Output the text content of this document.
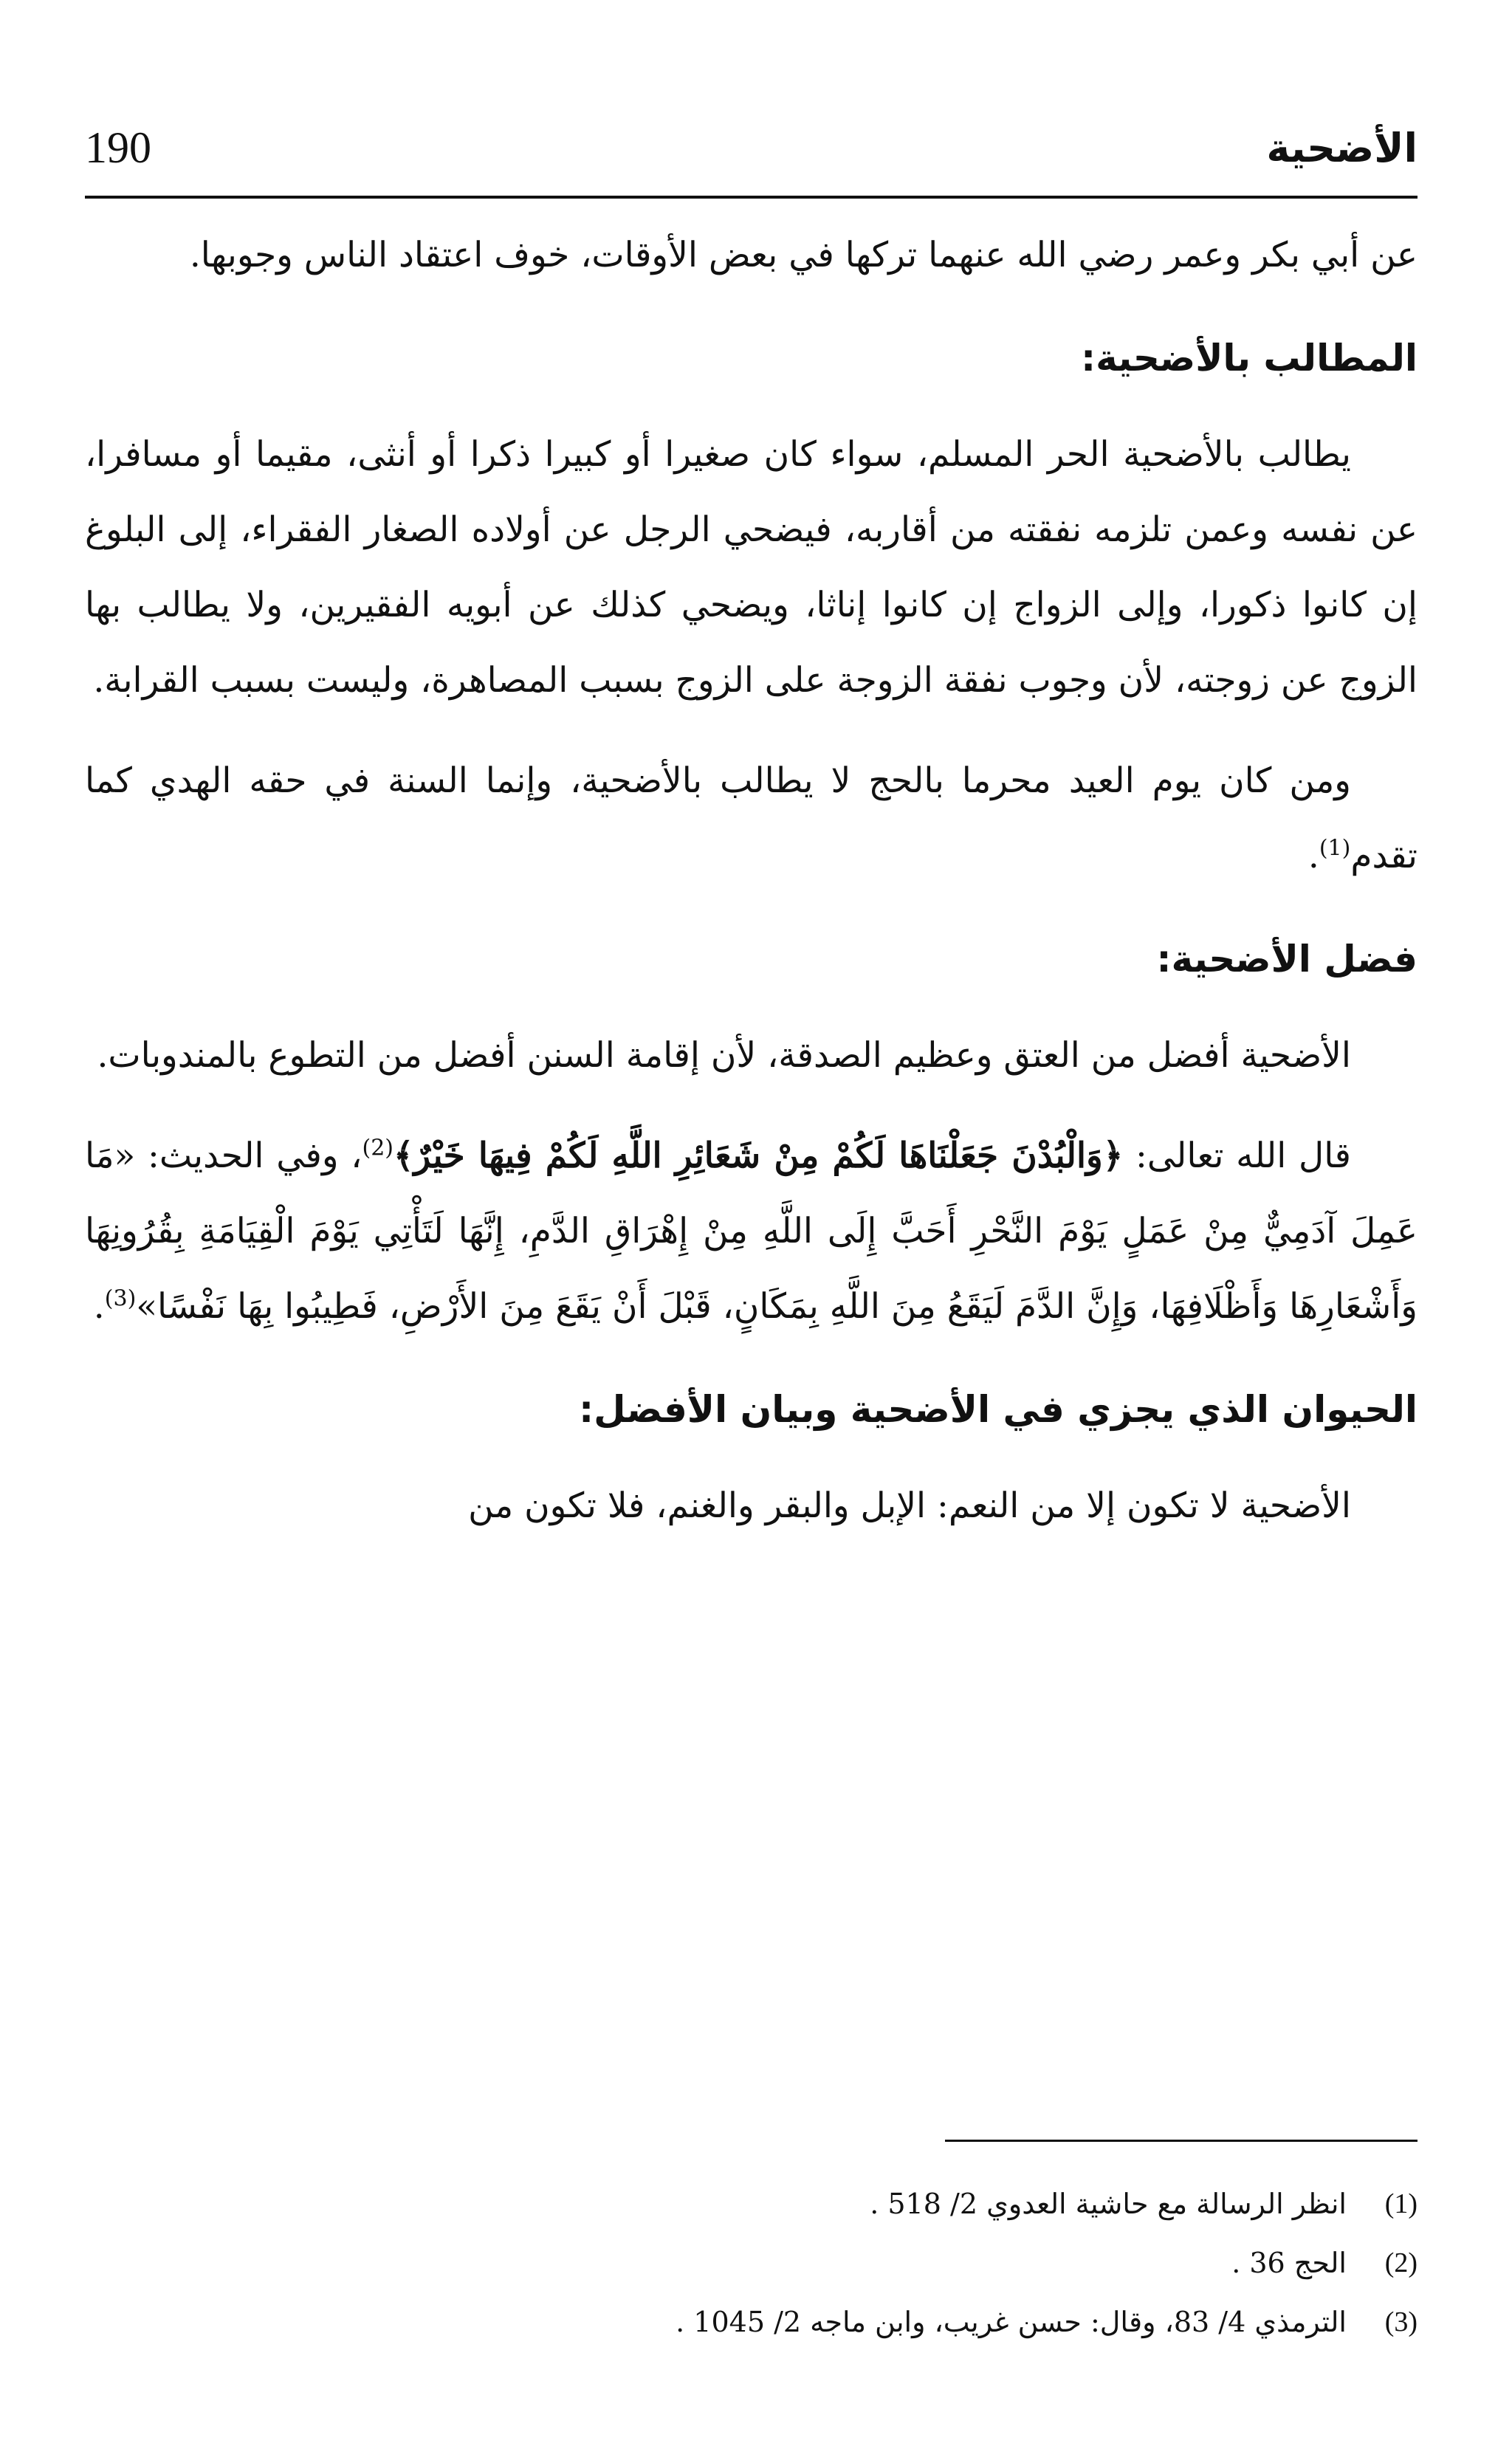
الأضحية
190

عن أبي بكر وعمر رضي الله عنهما تركها في بعض الأوقات، خوف اعتقاد الناس وجوبها.

المطالب بالأضحية:

يطالب بالأضحية الحر المسلم، سواء كان صغيرا أو كبيرا ذكرا أو أنثى، مقيما أو مسافرا، عن نفسه وعمن تلزمه نفقته من أقاربه، فيضحي الرجل عن أولاده الصغار الفقراء، إلى البلوغ إن كانوا ذكورا، وإلى الزواج إن كانوا إناثا، ويضحي كذلك عن أبويه الفقيرين، ولا يطالب بها الزوج عن زوجته، لأن وجوب نفقة الزوجة على الزوج بسبب المصاهرة، وليست بسبب القرابة.

ومن كان يوم العيد محرما بالحج لا يطالب بالأضحية، وإنما السنة في حقه الهدي كما تقدم$^{(1)}$.

فضل الأضحية:

الأضحية أفضل من العتق وعظيم الصدقة، لأن إقامة السنن أفضل من التطوع بالمندوبات.

قال الله تعالى: ﴿وَالْبُدْنَ جَعَلْنَاهَا لَكُمْ مِنْ شَعَائِرِ اللَّهِ لَكُمْ فِيهَا خَيْرٌ﴾$^{(2)}$، وفي الحديث: «مَا عَمِلَ آدَمِيٌّ مِنْ عَمَلٍ يَوْمَ النَّحْرِ أَحَبَّ إِلَى اللَّهِ مِنْ إِهْرَاقِ الدَّمِ، إِنَّهَا لَتَأْتِي يَوْمَ الْقِيَامَةِ بِقُرُونِهَا وَأَشْعَارِهَا وَأَظْلَافِهَا، وَإِنَّ الدَّمَ لَيَقَعُ مِنَ اللَّهِ بِمَكَانٍ، قَبْلَ أَنْ يَقَعَ مِنَ الأَرْضِ، فَطِيبُوا بِهَا نَفْسًا»$^{(3)}$.

الحيوان الذي يجزي في الأضحية وبيان الأفضل:

الأضحية لا تكون إلا من النعم: الإبل والبقر والغنم، فلا تكون من

(1)
انظر الرسالة مع حاشية العدوي 2/ 518 .
(2)
الحج 36 .
(3)
الترمذي 4/ 83، وقال: حسن غريب، وابن ماجه 2/ 1045 .
